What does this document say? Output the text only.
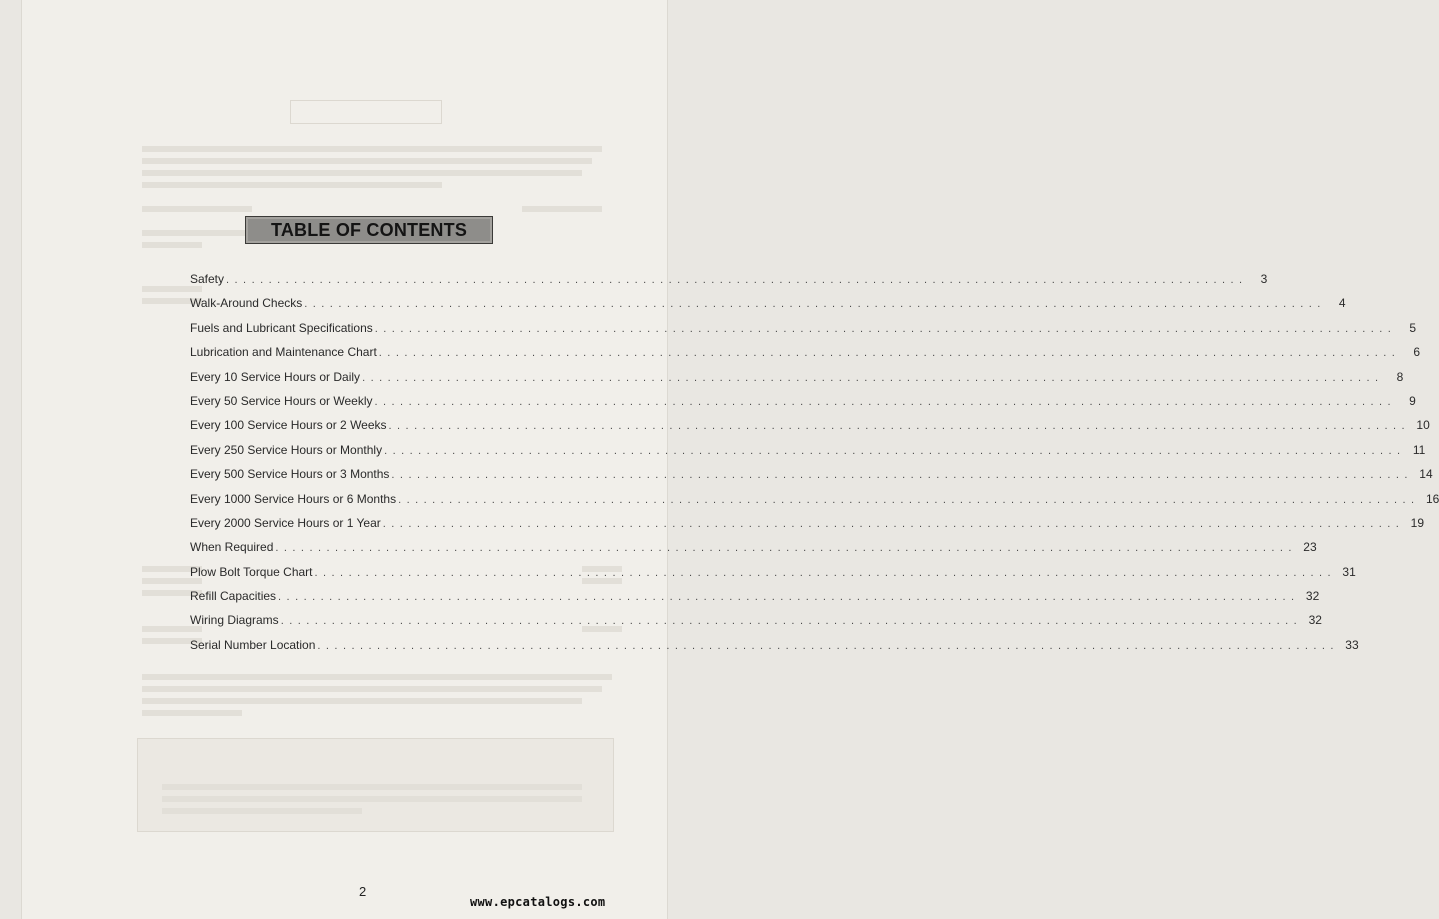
TABLE OF CONTENTS
Safety . . . . . . . . . . . . . . . . . . . . . . . . . . . . . . . . . . . . . . . . . . . . . . . . . . . . . . . . . . . . . . . . . . . . . . . . . . . . . . . . . . . . . . . . . . . . . . . . . . . . . . . . . . . . . . . . . . . . . . . .	3
Walk-Around Checks . . . . . . . . . . . . . . . . . . . . . . . . . . . . . . . . . . . . . . . . . . . . . . . . . . . . . . . . . . . . . . . . . . . . . . . . . . . . . . . . . . . . . . . . . . . . . . . . . . . . . . . . . . . . . . . . . . . . . . . .	4
Fuels and Lubricant Specifications . . . . . . . . . . . . . . . . . . . . . . . . . . . . . . . . . . . . . . . . . . . . . . . . . . . . . . . . . . . . . . . . . . . . . . . . . . . . . . . . . . . . . . . . . . . . . . . . . . . . . . . . . . . . . . . . . . . . . . . .	5
Lubrication and Maintenance Chart . . . . . . . . . . . . . . . . . . . . . . . . . . . . . . . . . . . . . . . . . . . . . . . . . . . . . . . . . . . . . . . . . . . . . . . . . . . . . . . . . . . . . . . . . . . . . . . . . . . . . . . . . . . . . . . . . . . . . . . .	6
Every 10 Service Hours or Daily . . . . . . . . . . . . . . . . . . . . . . . . . . . . . . . . . . . . . . . . . . . . . . . . . . . . . . . . . . . . . . . . . . . . . . . . . . . . . . . . . . . . . . . . . . . . . . . . . . . . . . . . . . . . . . . . . . . . . . . .	8
Every 50 Service Hours or Weekly . . . . . . . . . . . . . . . . . . . . . . . . . . . . . . . . . . . . . . . . . . . . . . . . . . . . . . . . . . . . . . . . . . . . . . . . . . . . . . . . . . . . . . . . . . . . . . . . . . . . . . . . . . . . . . . . . . . . . . . .	9
Every 100 Service Hours or 2 Weeks . . . . . . . . . . . . . . . . . . . . . . . . . . . . . . . . . . . . . . . . . . . . . . . . . . . . . . . . . . . . . . . . . . . . . . . . . . . . . . . . . . . . . . . . . . . . . . . . . . . . . . . . . . . . . . . . . . . . . . . . 10
Every 250 Service Hours or Monthly . . . . . . . . . . . . . . . . . . . . . . . . . . . . . . . . . . . . . . . . . . . . . . . . . . . . . . . . . . . . . . . . . . . . . . . . . . . . . . . . . . . . . . . . . . . . . . . . . . . . . . . . . . . . . . . . . . . . . . . . 11
Every 500 Service Hours or 3 Months . . . . . . . . . . . . . . . . . . . . . . . . . . . . . . . . . . . . . . . . . . . . . . . . . . . . . . . . . . . . . . . . . . . . . . . . . . . . . . . . . . . . . . . . . . . . . . . . . . . . . . . . . . . . . . . . . . . . . . . . 14
Every 1000 Service Hours or 6 Months . . . . . . . . . . . . . . . . . . . . . . . . . . . . . . . . . . . . . . . . . . . . . . . . . . . . . . . . . . . . . . . . . . . . . . . . . . . . . . . . . . . . . . . . . . . . . . . . . . . . . . . . . . . . . . . . . . . . . . . . 16
Every 2000 Service Hours or 1 Year . . . . . . . . . . . . . . . . . . . . . . . . . . . . . . . . . . . . . . . . . . . . . . . . . . . . . . . . . . . . . . . . . . . . . . . . . . . . . . . . . . . . . . . . . . . . . . . . . . . . . . . . . . . . . . . . . . . . . . . . 19
When Required . . . . . . . . . . . . . . . . . . . . . . . . . . . . . . . . . . . . . . . . . . . . . . . . . . . . . . . . . . . . . . . . . . . . . . . . . . . . . . . . . . . . . . . . . . . . . . . . . . . . . . . . . . . . . . . . . . . . . . . . 23
Plow Bolt Torque Chart . . . . . . . . . . . . . . . . . . . . . . . . . . . . . . . . . . . . . . . . . . . . . . . . . . . . . . . . . . . . . . . . . . . . . . . . . . . . . . . . . . . . . . . . . . . . . . . . . . . . . . . . . . . . . . . . . . . . . . . . 31
Refill Capacities . . . . . . . . . . . . . . . . . . . . . . . . . . . . . . . . . . . . . . . . . . . . . . . . . . . . . . . . . . . . . . . . . . . . . . . . . . . . . . . . . . . . . . . . . . . . . . . . . . . . . . . . . . . . . . . . . . . . . . . . 32
Wiring Diagrams . . . . . . . . . . . . . . . . . . . . . . . . . . . . . . . . . . . . . . . . . . . . . . . . . . . . . . . . . . . . . . . . . . . . . . . . . . . . . . . . . . . . . . . . . . . . . . . . . . . . . . . . . . . . . . . . . . . . . . . . 32
Serial Number Location . . . . . . . . . . . . . . . . . . . . . . . . . . . . . . . . . . . . . . . . . . . . . . . . . . . . . . . . . . . . . . . . . . . . . . . . . . . . . . . . . . . . . . . . . . . . . . . . . . . . . . . . . . . . . . . . . . . . . . . . 33
2
www.epcatalogs.com
